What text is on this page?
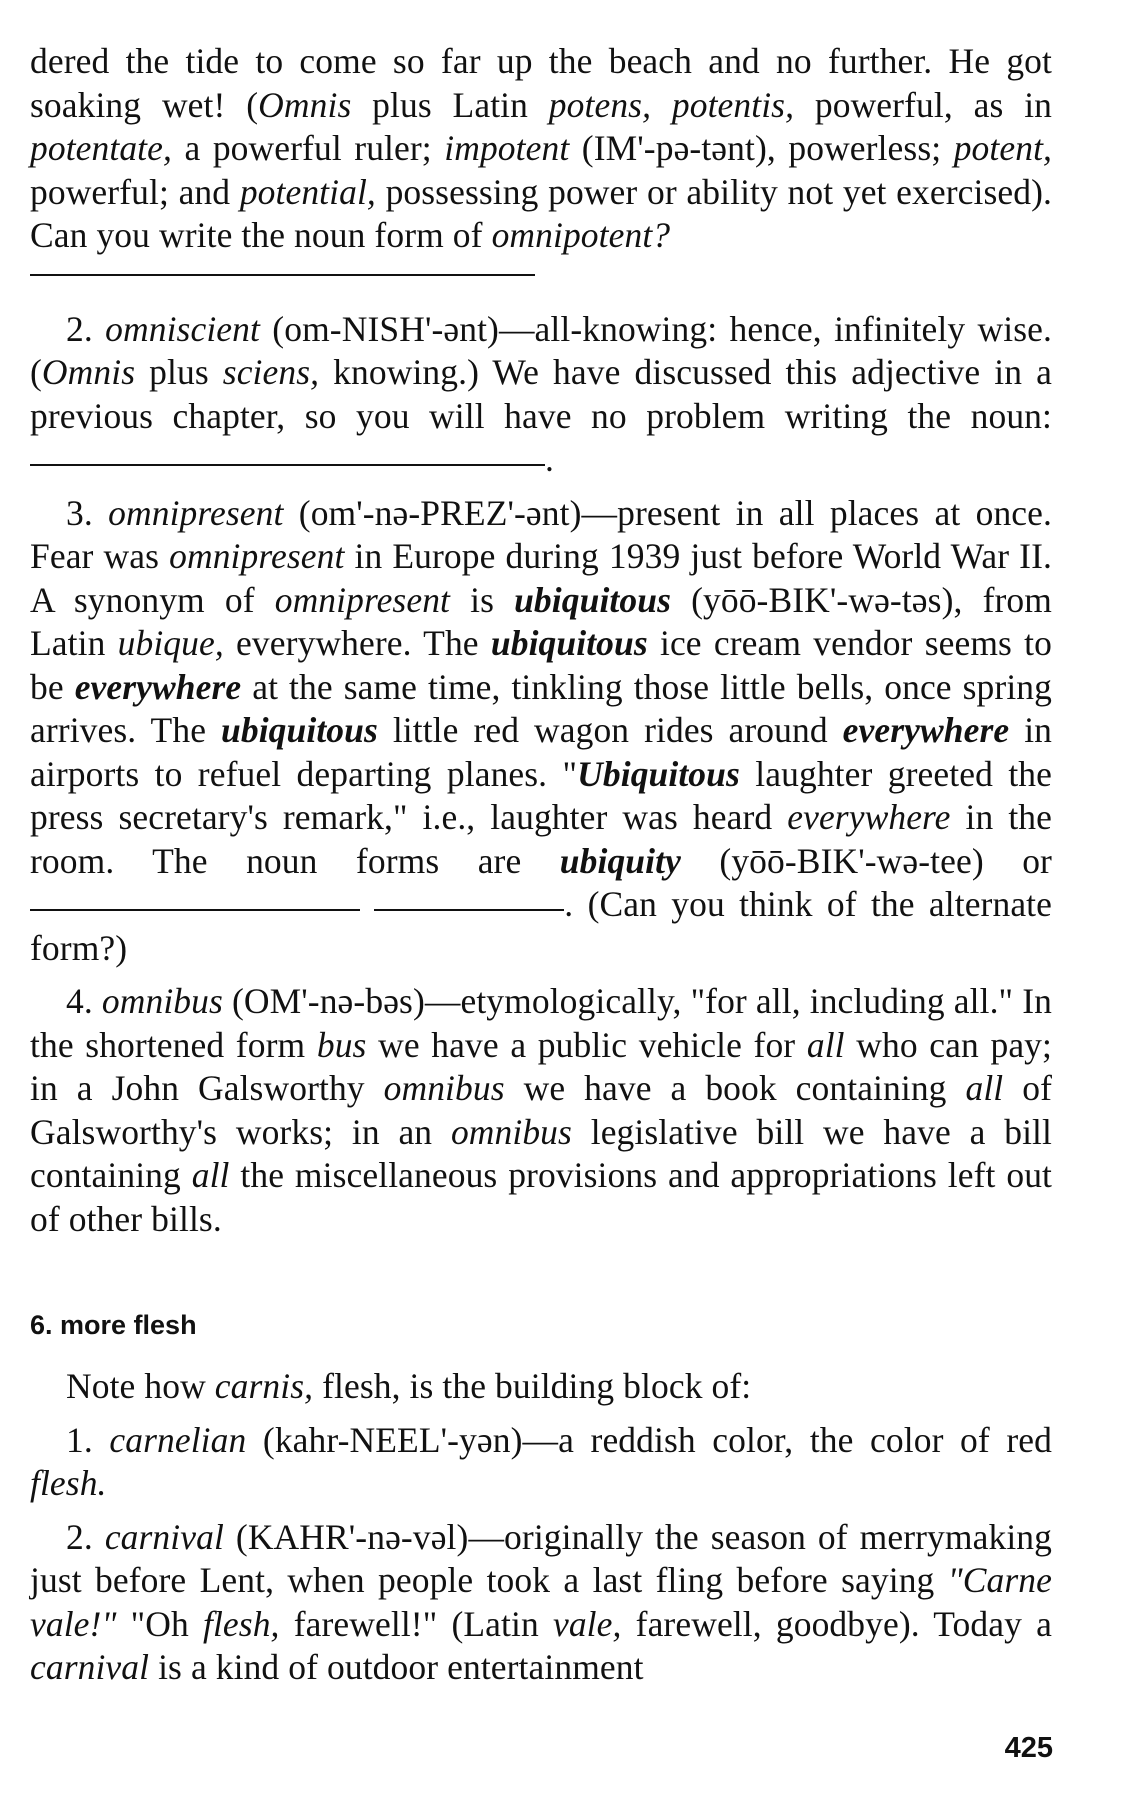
dered the tide to come so far up the beach and no further. He got soaking wet! (Omnis plus Latin potens, potentis, powerful, as in potentate, a powerful ruler; impotent (IM'-pə-tənt), powerless; potent, powerful; and potential, possessing power or ability not yet exercised). Can you write the noun form of omnipotent?

2. omniscient (om-NISH'-ənt)—all-knowing: hence, infinitely wise. (Omnis plus sciens, knowing.) We have discussed this adjective in a previous chapter, so you will have no problem writing the noun: .

3. omnipresent (om'-nə-PREZ'-ənt)—present in all places at once. Fear was omnipresent in Europe during 1939 just before World War II. A synonym of omnipresent is ubiquitous (yōō-BIK'-wə-təs), from Latin ubique, everywhere. The ubiquitous ice cream vendor seems to be everywhere at the same time, tinkling those little bells, once spring arrives. The ubiquitous little red wagon rides around everywhere in airports to refuel departing planes. "Ubiquitous laughter greeted the press secretary's remark," i.e., laughter was heard everywhere in the room. The noun forms are ubiquity (yōō-BIK'-wə-tee) or  . (Can you think of the alternate form?)

4. omnibus (OM'-nə-bəs)—etymologically, "for all, including all." In the shortened form bus we have a public vehicle for all who can pay; in a John Galsworthy omnibus we have a book containing all of Galsworthy's works; in an omnibus legislative bill we have a bill containing all the miscellaneous provisions and appropriations left out of other bills.

6. more flesh

Note how carnis, flesh, is the building block of:

1. carnelian (kahr-NEEL'-yən)—a reddish color, the color of red flesh.

2. carnival (KAHR'-nə-vəl)—originally the season of merrymaking just before Lent, when people took a last fling before saying "Carne vale!" "Oh flesh, farewell!" (Latin vale, farewell, goodbye). Today a carnival is a kind of outdoor entertainment

425
